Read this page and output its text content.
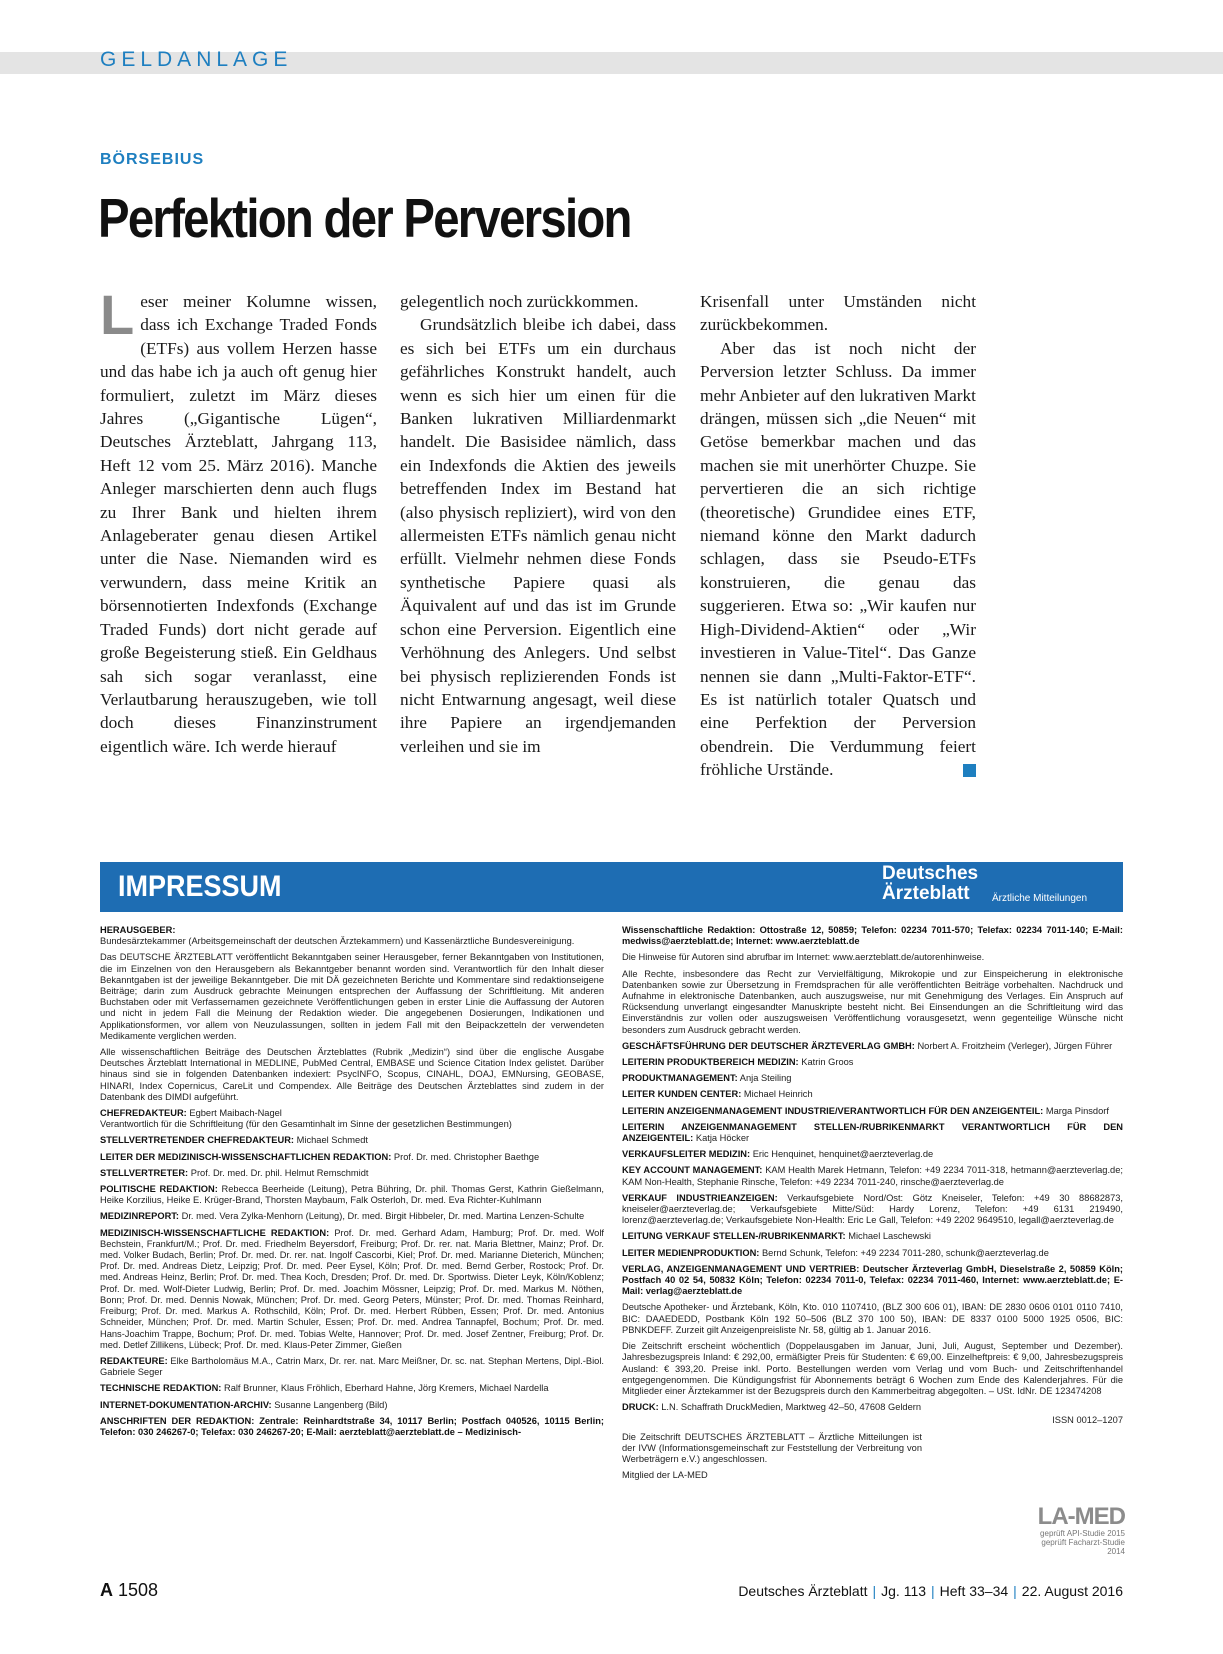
GELDANLAGE
BÖRSEBIUS
Perfektion der Perversion

Leser meiner Kolumne wissen, dass ich Exchange Traded Fonds (ETFs) aus vollem Herzen hasse und das habe ich ja auch oft genug hier formuliert, zuletzt im März dieses Jahres („Gigantische Lügen“, Deutsches Ärzteblatt, Jahrgang 113, Heft 12 vom 25. März 2016). Manche Anleger marschierten denn auch flugs zu Ihrer Bank und hielten ihrem Anlageberater genau diesen Artikel unter die Nase. Niemanden wird es verwundern, dass meine Kritik an börsennotierten Indexfonds (Exchange Traded Funds) dort nicht gerade auf große Begeisterung stieß. Ein Geldhaus sah sich sogar veranlasst, eine Verlautbarung herauszugeben, wie toll doch dieses Finanzinstrument eigentlich wäre. Ich werde hierauf

gelegentlich noch zurückkommen.

Grundsätzlich bleibe ich dabei, dass es sich bei ETFs um ein durchaus gefährliches Konstrukt handelt, auch wenn es sich hier um einen für die Banken lukrativen Milliardenmarkt handelt. Die Basisidee nämlich, dass ein Indexfonds die Aktien des jeweils betreffenden Index im Bestand hat (also physisch repliziert), wird von den allermeisten ETFs nämlich genau nicht erfüllt. Vielmehr nehmen diese Fonds synthetische Papiere quasi als Äquivalent auf und das ist im Grunde schon eine Perversion. Eigentlich eine Verhöhnung des Anlegers. Und selbst bei physisch replizierenden Fonds ist nicht Entwarnung angesagt, weil diese ihre Papiere an irgendjemanden verleihen und sie im

Krisenfall unter Umständen nicht zurückbekommen.

Aber das ist noch nicht der Perversion letzter Schluss. Da immer mehr Anbieter auf den lukrativen Markt drängen, müssen sich „die Neuen“ mit Getöse bemerkbar machen und das machen sie mit unerhörter Chuzpe. Sie pervertieren die an sich richtige (theoretische) Grundidee eines ETF, niemand könne den Markt dadurch schlagen, dass sie Pseudo-ETFs konstruieren, die genau das suggerieren. Etwa so: „Wir kaufen nur High-Dividend-Aktien“ oder „Wir investieren in Value-Titel“. Das Ganze nennen sie dann „Multi-Faktor-ETF“. Es ist natürlich totaler Quatsch und eine Perfektion der Perversion obendrein. Die Verdummung feiert fröhliche Urstände.

IMPRESSUM	Deutsches
Ärzteblatt Ärztliche Mitteilungen

HERAUSGEBER:
Bundesärztekammer (Arbeitsgemeinschaft der deutschen Ärztekammern) und Kassenärztliche Bundesvereinigung.

Das DEUTSCHE ÄRZTEBLATT veröffentlicht Bekanntgaben seiner Herausgeber, ferner Bekanntgaben von Institutionen, die im Einzelnen von den Herausgebern als Bekanntgeber benannt worden sind. Verantwortlich für den Inhalt dieser Bekanntgaben ist der jeweilige Bekanntgeber. Die mit DÄ gezeichneten Berichte und Kommentare sind redaktionseigene Beiträge; darin zum Ausdruck gebrachte Meinungen entsprechen der Auffassung der Schriftleitung. Mit anderen Buchstaben oder mit Verfassernamen gezeichnete Veröffentlichungen geben in erster Linie die Auffassung der Autoren und nicht in jedem Fall die Meinung der Redaktion wieder. Die angegebenen Dosierungen, Indikationen und Applikationsformen, vor allem von Neuzulassungen, sollten in jedem Fall mit den Beipackzetteln der verwendeten Medikamente verglichen werden.

Alle wissenschaftlichen Beiträge des Deutschen Ärzteblattes (Rubrik „Medizin“) sind über die englische Ausgabe Deutsches Ärzteblatt International in MEDLINE, PubMed Central, EMBASE und Science Citation Index gelistet. Darüber hinaus sind sie in folgenden Datenbanken indexiert: PsycINFO, Scopus, CINAHL, DOAJ, EMNursing, GEOBASE, HINARI, Index Copernicus, CareLit und Compendex. Alle Beiträge des Deutschen Ärzteblattes sind zudem in der Datenbank des DIMDI aufgeführt.

CHEFREDAKTEUR: Egbert Maibach-Nagel
Verantwortlich für die Schriftleitung (für den Gesamtinhalt im Sinne der gesetzlichen Bestimmungen)

STELLVERTRETENDER CHEFREDAKTEUR: Michael Schmedt

LEITER DER MEDIZINISCH-WISSENSCHAFTLICHEN REDAKTION: Prof. Dr. med. Christopher Baethge

STELLVERTRETER: Prof. Dr. med. Dr. phil. Helmut Remschmidt

POLITISCHE REDAKTION: Rebecca Beerheide (Leitung), Petra Bühring, Dr. phil. Thomas Gerst, Kathrin Gießelmann, Heike Korzilius, Heike E. Krüger-Brand, Thorsten Maybaum, Falk Osterloh, Dr. med. Eva Richter-Kuhlmann

MEDIZINREPORT: Dr. med. Vera Zylka-Menhorn (Leitung), Dr. med. Birgit Hibbeler, Dr. med. Martina Lenzen-Schulte

MEDIZINISCH-WISSENSCHAFTLICHE REDAKTION: Prof. Dr. med. Gerhard Adam, Hamburg; Prof. Dr. med. Wolf Bechstein, Frankfurt/M.; Prof. Dr. med. Friedhelm Beyersdorf, Freiburg; Prof. Dr. rer. nat. Maria Blettner, Mainz; Prof. Dr. med. Volker Budach, Berlin; Prof. Dr. med. Dr. rer. nat. Ingolf Cascorbi, Kiel; Prof. Dr. med. Marianne Dieterich, München; Prof. Dr. med. Andreas Dietz, Leipzig; Prof. Dr. med. Peer Eysel, Köln; Prof. Dr. med. Bernd Gerber, Rostock; Prof. Dr. med. Andreas Heinz, Berlin; Prof. Dr. med. Thea Koch, Dresden; Prof. Dr. med. Dr. Sportwiss. Dieter Leyk, Köln/Koblenz; Prof. Dr. med. Wolf-Dieter Ludwig, Berlin; Prof. Dr. med. Joachim Mössner, Leipzig; Prof. Dr. med. Markus M. Nöthen, Bonn; Prof. Dr. med. Dennis Nowak, München; Prof. Dr. med. Georg Peters, Münster; Prof. Dr. med. Thomas Reinhard, Freiburg; Prof. Dr. med. Markus A. Rothschild, Köln; Prof. Dr. med. Herbert Rübben, Essen; Prof. Dr. med. Antonius Schneider, München; Prof. Dr. med. Martin Schuler, Essen; Prof. Dr. med. Andrea Tannapfel, Bochum; Prof. Dr. med. Hans-Joachim Trappe, Bochum; Prof. Dr. med. Tobias Welte, Hannover; Prof. Dr. med. Josef Zentner, Freiburg; Prof. Dr. med. Detlef Zillikens, Lübeck; Prof. Dr. med. Klaus-Peter Zimmer, Gießen

REDAKTEURE: Elke Bartholomäus M.A., Catrin Marx, Dr. rer. nat. Marc Meißner, Dr. sc. nat. Stephan Mertens, Dipl.-Biol. Gabriele Seger

TECHNISCHE REDAKTION: Ralf Brunner, Klaus Fröhlich, Eberhard Hahne, Jörg Kremers, Michael Nardella

INTERNET-DOKUMENTATION-ARCHIV: Susanne Langenberg (Bild)

ANSCHRIFTEN DER REDAKTION: Zentrale: Reinhardtstraße 34, 10117 Berlin; Postfach 040526, 10115 Berlin; Telefon: 030 246267-0; Telefax: 030 246267-20; E-Mail: aerzteblatt@aerzteblatt.de – Medizinisch-

Wissenschaftliche Redaktion: Ottostraße 12, 50859; Telefon: 02234 7011-570; Telefax: 02234 7011-140; E-Mail: medwiss@aerzteblatt.de; Internet: www.aerzteblatt.de

Die Hinweise für Autoren sind abrufbar im Internet: www.aerzteblatt.de/autorenhinweise.

Alle Rechte, insbesondere das Recht zur Vervielfältigung, Mikrokopie und zur Einspeicherung in elektronische Datenbanken sowie zur Übersetzung in Fremdsprachen für alle veröffentlichten Beiträge vorbehalten. Nachdruck und Aufnahme in elektronische Datenbanken, auch auszugsweise, nur mit Genehmigung des Verlages. Ein Anspruch auf Rücksendung unverlangt eingesandter Manuskripte besteht nicht. Bei Einsendungen an die Schriftleitung wird das Einverständnis zur vollen oder auszugsweisen Veröffentlichung vorausgesetzt, wenn gegenteilige Wünsche nicht besonders zum Ausdruck gebracht werden.

GESCHÄFTSFÜHRUNG DER DEUTSCHER ÄRZTEVERLAG GMBH: Norbert A. Froitzheim (Verleger), Jürgen Führer

LEITERIN PRODUKTBEREICH MEDIZIN: Katrin Groos

PRODUKTMANAGEMENT: Anja Steiling

LEITER KUNDEN CENTER: Michael Heinrich

LEITERIN ANZEIGENMANAGEMENT INDUSTRIE/VERANTWORTLICH FÜR DEN ANZEIGENTEIL: Marga Pinsdorf

LEITERIN ANZEIGENMANAGEMENT STELLEN-/RUBRIKENMARKT VERANTWORTLICH FÜR DEN ANZEIGENTEIL: Katja Höcker

VERKAUFSLEITER MEDIZIN: Eric Henquinet, henquinet@aerzteverlag.de

KEY ACCOUNT MANAGEMENT: KAM Health Marek Hetmann, Telefon: +49 2234 7011-318, hetmann@aerzteverlag.de; KAM Non-Health, Stephanie Rinsche, Telefon: +49 2234 7011-240, rinsche@aerzteverlag.de

VERKAUF INDUSTRIEANZEIGEN: Verkaufsgebiete Nord/Ost: Götz Kneiseler, Telefon: +49 30 88682873, kneiseler@aerzteverlag.de; Verkaufsgebiete Mitte/Süd: Hardy Lorenz, Telefon: +49 6131 219490, lorenz@aerzteverlag.de; Verkaufsgebiete Non-Health: Eric Le Gall, Telefon: +49 2202 9649510, legall@aerzteverlag.de

LEITUNG VERKAUF STELLEN-/RUBRIKENMARKT: Michael Laschewski

LEITER MEDIENPRODUKTION: Bernd Schunk, Telefon: +49 2234 7011-280, schunk@aerzteverlag.de

VERLAG, ANZEIGENMANAGEMENT UND VERTRIEB: Deutscher Ärzteverlag GmbH, Dieselstraße 2, 50859 Köln; Postfach 40 02 54, 50832 Köln; Telefon: 02234 7011-0, Telefax: 02234 7011-460, Internet: www.aerzteblatt.de; E-Mail: verlag@aerzteblatt.de

Deutsche Apotheker- und Ärztebank, Köln, Kto. 010 1107410, (BLZ 300 606 01), IBAN: DE 2830 0606 0101 0110 7410, BIC: DAAEDEDD, Postbank Köln 192 50–506 (BLZ 370 100 50), IBAN: DE 8337 0100 5000 1925 0506, BIC: PBNKDEFF. Zurzeit gilt Anzeigenpreisliste Nr. 58, gültig ab 1. Januar 2016.

Die Zeitschrift erscheint wöchentlich (Doppelausgaben im Januar, Juni, Juli, August, September und Dezember). Jahresbezugspreis Inland: € 292,00, ermäßigter Preis für Studenten: € 69,00. Einzelheftpreis: € 9,00, Jahresbezugspreis Ausland: € 393,20. Preise inkl. Porto. Bestellungen werden vom Verlag und vom Buch- und Zeitschriftenhandel entgegengenommen. Die Kündigungsfrist für Abonnements beträgt 6 Wochen zum Ende des Kalenderjahres. Für die Mitglieder einer Ärztekammer ist der Bezugspreis durch den Kammerbeitrag abgegolten. – USt. IdNr. DE 123474208

DRUCK: L.N. Schaffrath DruckMedien, Marktweg 42–50, 47608 Geldern

ISSN 0012–1207

Die Zeitschrift DEUTSCHES ÄRZTEBLATT – Ärztliche Mitteilungen ist der IVW (Informationsgemeinschaft zur Feststellung der Verbreitung von Werbeträgern e.V.) angeschlossen.

Mitglied der LA-MED

LA-MED
geprüft API-Studie 2015
geprüft Facharzt-Studie 2014
A 1508	Deutsches Ärzteblatt | Jg. 113 | Heft 33–34 | 22. August 2016
